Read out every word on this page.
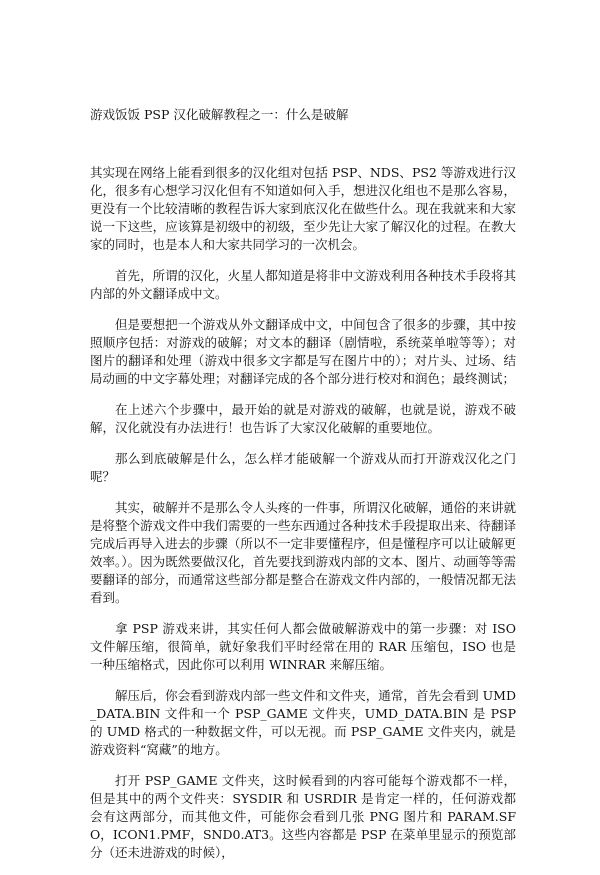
游戏饭饭 PSP 汉化破解教程之一：什么是破解

其实现在网络上能看到很多的汉化组对包括 PSP、NDS、PS2 等游戏进行汉化，很多有心想学习汉化但有不知道如何入手，想进汉化组也不是那么容易，更没有一个比较清晰的教程告诉大家到底汉化在做些什么。现在我就来和大家说一下这些，应该算是初级中的初级，至少先让大家了解汉化的过程。在教大家的同时，也是本人和大家共同学习的一次机会。

首先，所谓的汉化，火星人都知道是将非中文游戏利用各种技术手段将其内部的外文翻译成中文。

但是要想把一个游戏从外文翻译成中文，中间包含了很多的步骤，其中按照顺序包括：对游戏的破解；对文本的翻译（剧情啦，系统菜单啦等等）；对图片的翻译和处理（游戏中很多文字都是写在图片中的）；对片头、过场、结局动画的中文字幕处理；对翻译完成的各个部分进行校对和润色；最终测试；

在上述六个步骤中，最开始的就是对游戏的破解，也就是说，游戏不破解，汉化就没有办法进行！也告诉了大家汉化破解的重要地位。

那么到底破解是什么，怎么样才能破解一个游戏从而打开游戏汉化之门呢？

其实，破解并不是那么令人头疼的一件事，所谓汉化破解，通俗的来讲就是将整个游戏文件中我们需要的一些东西通过各种技术手段提取出来、待翻译完成后再导入进去的步骤（所以不一定非要懂程序，但是懂程序可以让破解更效率。）。因为既然要做汉化，首先要找到游戏内部的文本、图片、动画等等需要翻译的部分，而通常这些部分都是整合在游戏文件内部的，一般情况都无法看到。

拿 PSP 游戏来讲，其实任何人都会做破解游戏中的第一步骤：对 ISO 文件解压缩，很简单，就好象我们平时经常在用的 RAR 压缩包，ISO 也是一种压缩格式，因此你可以利用 WINRAR 来解压缩。

解压后，你会看到游戏内部一些文件和文件夹，通常，首先会看到 UMD_DATA.BIN 文件和一个 PSP_GAME 文件夹，UMD_DATA.BIN 是 PSP 的 UMD 格式的一种数据文件，可以无视。而 PSP_GAME 文件夹内，就是游戏资料“窝藏”的地方。

打开 PSP_GAME 文件夹，这时候看到的内容可能每个游戏都不一样，但是其中的两个文件夹：SYSDIR 和 USRDIR 是肯定一样的，任何游戏都会有这两部分，而其他文件，可能你会看到几张 PNG 图片和 PARAM.SFO，ICON1.PMF，SND0.AT3。这些内容都是 PSP 在菜单里显示的预览部分（还未进游戏的时候），
